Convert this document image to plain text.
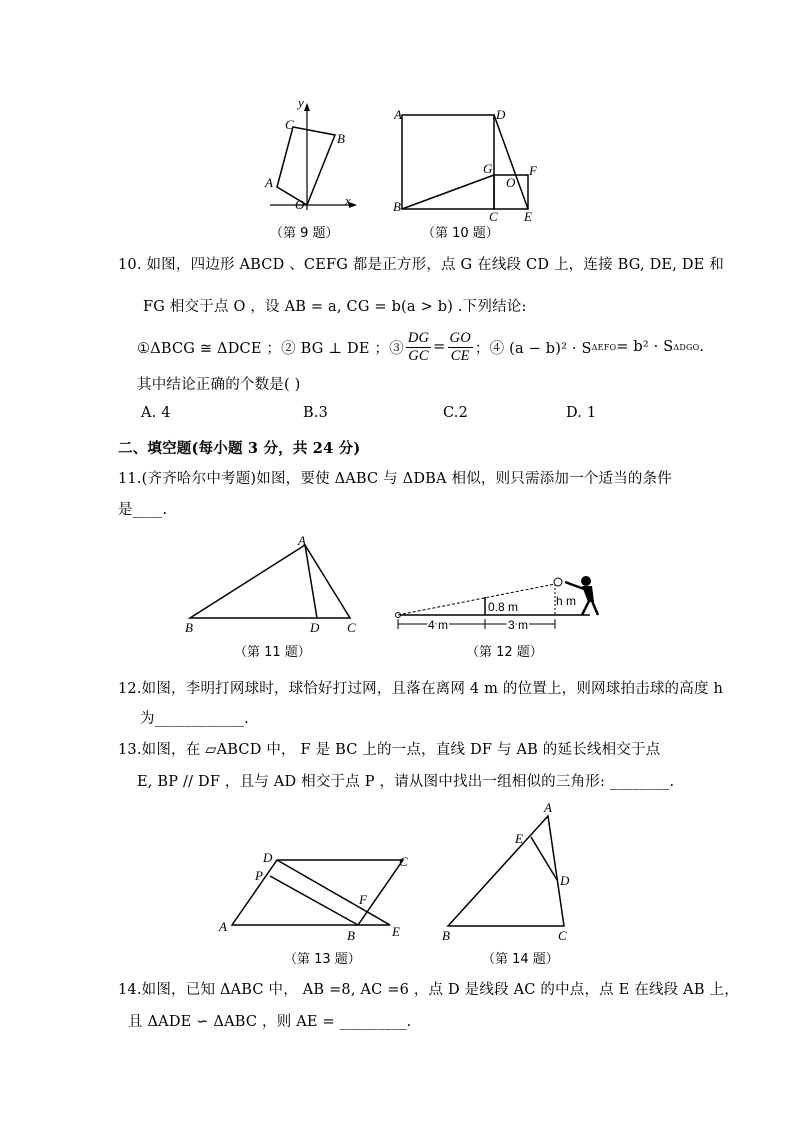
y
x
A
B
C
O
（第 9 题）
A	D
B
C E
G	F
O
（第 10 题）
10. 如图，四边形 ABCD 、CEFG 都是正方形，点 G 在线段 CD 上，连接 BG, DE, DE 和
FG 相交于点 O ，设 AB = a, CG = b(a > b) .下列结论:
①ΔBCG ≅ ΔDCE ；② BG ⊥ DE ；③ $\frac{DG}{GC} = \frac{GO}{CE}$ ；④ (a − b)² · S ΔEFO = b² · S ΔDGO .
其中结论正确的个数是( )
A. 4	B.3	C.2	D. 1
二、填空题(每小题 3 分，共 24 分)
11.(齐齐哈尔中考题)如图，要使 ΔABC 与 ΔDBA 相似，则只需添加一个适当的条件
是____.
A
B	D C
（第 11 题）
0.8 m	h m
4 m	3 m
（第 12 题）
12.如图，李明打网球时，球恰好打过网，且落在离网 4 m 的位置上，则网球拍击球的高度 h
为____________.
13.如图，在 ▱ABCD 中， F 是 BC 上的一点，直线 DF 与 AB 的延长线相交于点
E, BP // DF ，且与 AD 相交于点 P ，请从图中找出一组相似的三角形: ________.
D	C
P
F
A
B	E
（第 13 题）
A
E
D
B	C
（第 14 题）
14.如图，已知 ΔABC 中， AB =8, AC =6 ，点 D 是线段 AC 的中点，点 E 在线段 AB 上，
且 ΔADE ∽ ΔABC ，则 AE = _________.
